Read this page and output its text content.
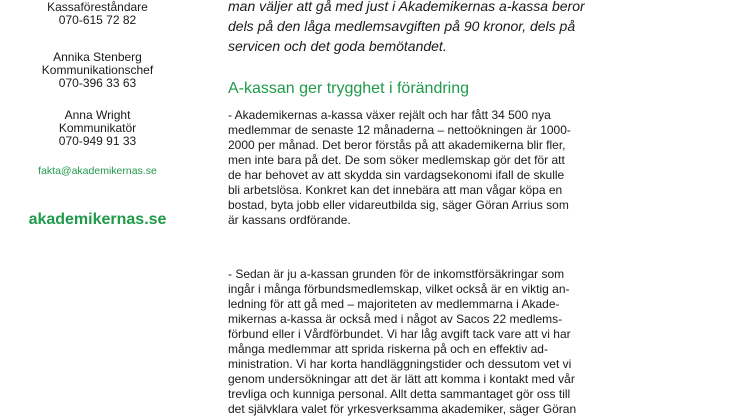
Kassaföreståndare
070-615 72 82
Annika Stenberg
Kommunikationschef
070-396 33 63
Anna Wright
Kommunikatör
070-949 91 33
fakta@akademikernas.se
akademikernas.se
man väljer att gå med just i Akademikernas a-kassa beror
dels på den låga medlemsavgiften på 90 kronor, dels på
servicen och det goda bemötandet.
A-kassan ger trygghet i förändring
- Akademikernas a-kassa växer rejält och har fått 34 500 nya
medlemmar de senaste 12 månaderna – nettoökningen är 1000-
2000 per månad. Det beror förstås på att akademikerna blir fler,
men inte bara på det. De som söker medlemskap gör det för att
de har behovet av att skydda sin vardagsekonomi ifall de skulle
bli arbetslösa. Konkret kan det innebära att man vågar köpa en
bostad, byta jobb eller vidareutbilda sig, säger Göran Arrius som
är kassans ordförande.
- Sedan är ju a-kassan grunden för de inkomstförsäkringar som
ingår i många förbundsmedlemskap, vilket också är en viktig an-
ledning för att gå med – majoriteten av medlemmarna i Akade-
mikernas a-kassa är också med i något av Sacos 22 medlems-
förbund eller i Vårdförbundet. Vi har låg avgift tack vare att vi har
många medlemmar att sprida riskerna på och en effektiv ad-
ministration. Vi har korta handläggningstider och dessutom vet vi
genom undersökningar att det är lätt att komma i kontakt med vår
trevliga och kunniga personal. Allt detta sammantaget gör oss till
det självklara valet för yrkesverksamma akademiker, säger Göran
